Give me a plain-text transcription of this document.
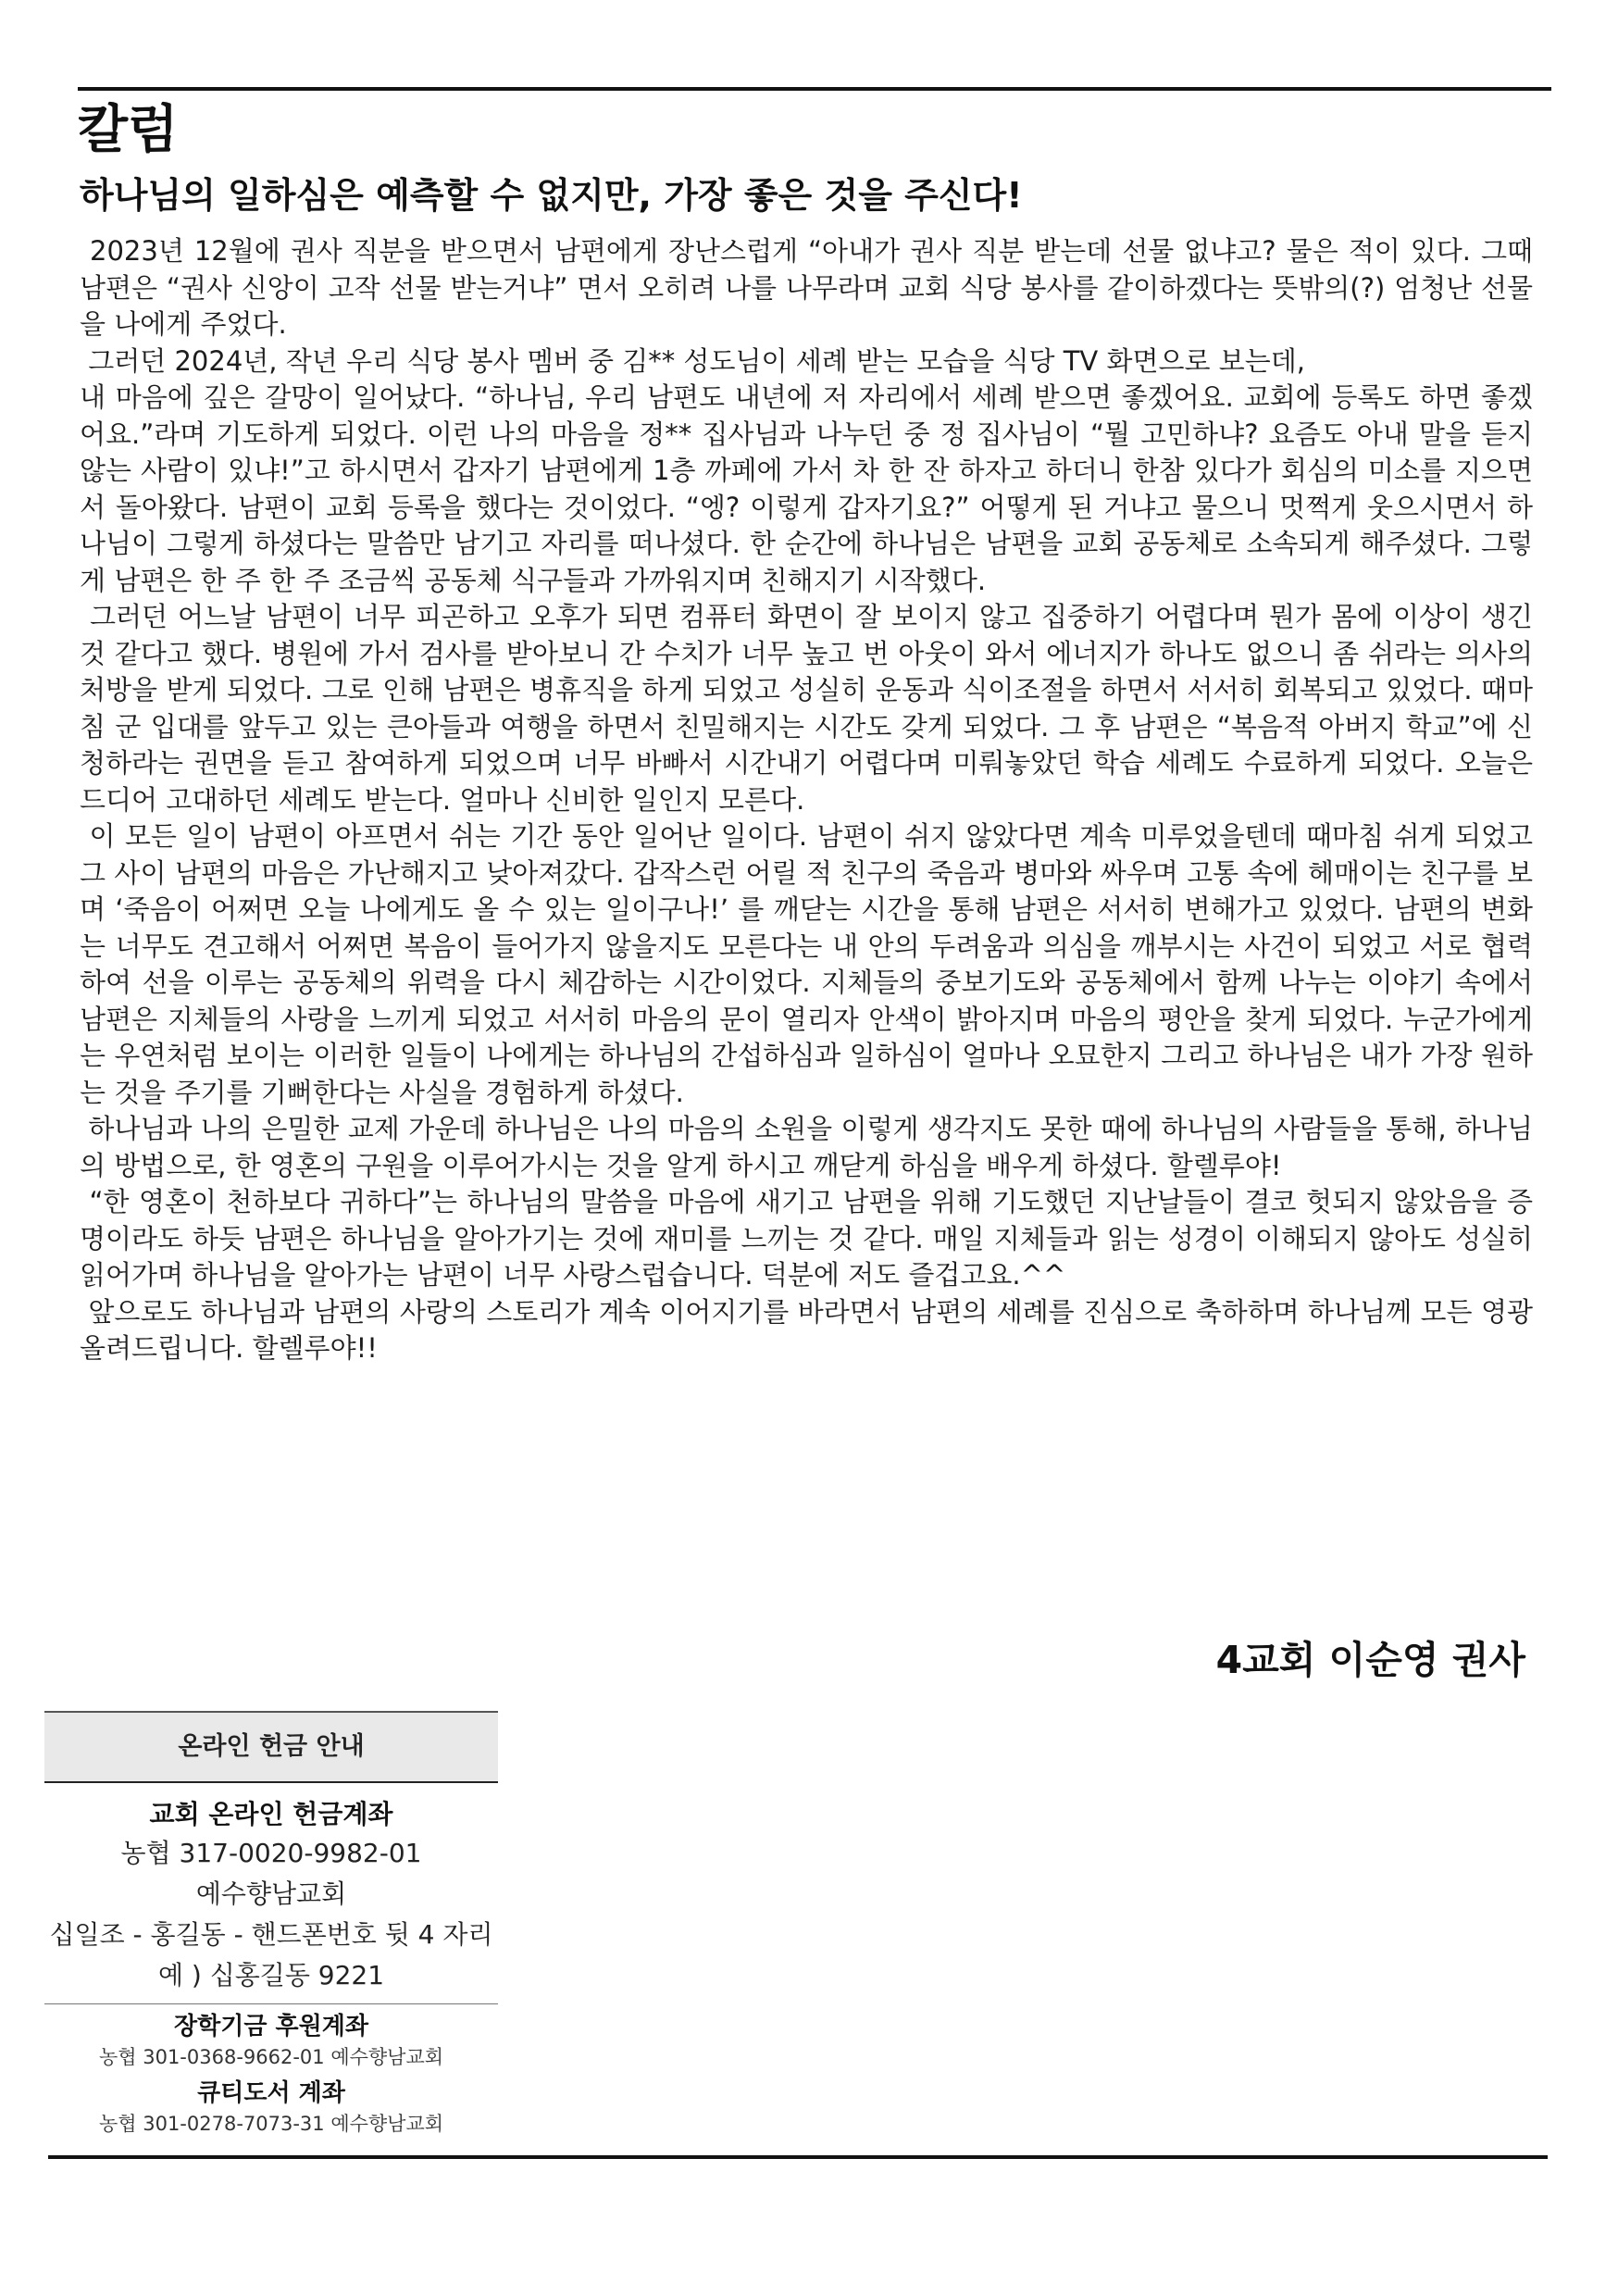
칼럼
하나님의 일하심은 예측할 수 없지만, 가장 좋은 것을 주신다!

2023년 12월에 권사 직분을 받으면서 남편에게 장난스럽게 “아내가 권사 직분 받는데 선물 없냐고? 물은 적이 있다. 그때 남편은 “권사 신앙이 고작 선물 받는거냐” 면서 오히려 나를 나무라며 교회 식당 봉사를 같이하겠다는 뜻밖의(?) 엄청난 선물을 나에게 주었다.

그러던 2024년, 작년 우리 식당 봉사 멤버 중 김** 성도님이 세례 받는 모습을 식당 TV 화면으로 보는데,
내 마음에 깊은 갈망이 일어났다. “하나님, 우리 남편도 내년에 저 자리에서 세례 받으면 좋겠어요. 교회에 등록도 하면 좋겠어요.”라며 기도하게 되었다. 이런 나의 마음을 정** 집사님과 나누던 중 정 집사님이 “뭘 고민하냐? 요즘도 아내 말을 듣지 않는 사람이 있냐!”고 하시면서 갑자기 남편에게 1층 까페에 가서 차 한 잔 하자고 하더니 한참 있다가 회심의 미소를 지으면서 돌아왔다. 남편이 교회 등록을 했다는 것이었다. “엥? 이렇게 갑자기요?” 어떻게 된 거냐고 물으니 멋쩍게 웃으시면서 하나님이 그렇게 하셨다는 말씀만 남기고 자리를 떠나셨다. 한 순간에 하나님은 남편을 교회 공동체로 소속되게 해주셨다. 그렇게 남편은 한 주 한 주 조금씩 공동체 식구들과 가까워지며 친해지기 시작했다.

그러던 어느날 남편이 너무 피곤하고 오후가 되면 컴퓨터 화면이 잘 보이지 않고 집중하기 어렵다며 뭔가 몸에 이상이 생긴 것 같다고 했다. 병원에 가서 검사를 받아보니 간 수치가 너무 높고 번 아웃이 와서 에너지가 하나도 없으니 좀 쉬라는 의사의 처방을 받게 되었다. 그로 인해 남편은 병휴직을 하게 되었고 성실히 운동과 식이조절을 하면서 서서히 회복되고 있었다. 때마침 군 입대를 앞두고 있는 큰아들과 여행을 하면서 친밀해지는 시간도 갖게 되었다. 그 후 남편은 “복음적 아버지 학교”에 신청하라는 권면을 듣고 참여하게 되었으며 너무 바빠서 시간내기 어렵다며 미뤄놓았던 학습 세례도 수료하게 되었다. 오늘은 드디어 고대하던 세례도 받는다. 얼마나 신비한 일인지 모른다.

이 모든 일이 남편이 아프면서 쉬는 기간 동안 일어난 일이다. 남편이 쉬지 않았다면 계속 미루었을텐데 때마침 쉬게 되었고 그 사이 남편의 마음은 가난해지고 낮아져갔다. 갑작스런 어릴 적 친구의 죽음과 병마와 싸우며 고통 속에 헤매이는 친구를 보며 ‘죽음이 어쩌면 오늘 나에게도 올 수 있는 일이구나!’ 를 깨닫는 시간을 통해 남편은 서서히 변해가고 있었다. 남편의 변화는 너무도 견고해서 어쩌면 복음이 들어가지 않을지도 모른다는 내 안의 두려움과 의심을 깨부시는 사건이 되었고 서로 협력하여 선을 이루는 공동체의 위력을 다시 체감하는 시간이었다. 지체들의 중보기도와 공동체에서 함께 나누는 이야기 속에서 남편은 지체들의 사랑을 느끼게 되었고 서서히 마음의 문이 열리자 안색이 밝아지며 마음의 평안을 찾게 되었다. 누군가에게는 우연처럼 보이는 이러한 일들이 나에게는 하나님의 간섭하심과 일하심이 얼마나 오묘한지 그리고 하나님은 내가 가장 원하는 것을 주기를 기뻐한다는 사실을 경험하게 하셨다.

하나님과 나의 은밀한 교제 가운데 하나님은 나의 마음의 소원을 이렇게 생각지도 못한 때에 하나님의 사람들을 통해, 하나님의 방법으로, 한 영혼의 구원을 이루어가시는 것을 알게 하시고 깨닫게 하심을 배우게 하셨다. 할렐루야!
“한 영혼이 천하보다 귀하다”는 하나님의 말씀을 마음에 새기고 남편을 위해 기도했던 지난날들이 결코 헛되지 않았음을 증명이라도 하듯 남편은 하나님을 알아가기는 것에 재미를 느끼는 것 같다. 매일 지체들과 읽는 성경이 이해되지 않아도 성실히 읽어가며 하나님을 알아가는 남편이 너무 사랑스럽습니다. 덕분에 저도 즐겁고요.^^

앞으로도 하나님과 남편의 사랑의 스토리가 계속 이어지기를 바라면서 남편의 세례를 진심으로 축하하며 하나님께 모든 영광 올려드립니다. 할렐루야!!

4교회 이순영 권사

온라인 헌금 안내
교회 온라인 헌금계좌
농협 317-0020-9982-01
예수향남교회
십일조 - 홍길동 - 핸드폰번호 뒷 4 자리
예 ) 십홍길동 9221
장학기금 후원계좌
농협 301-0368-9662-01 예수향남교회
큐티도서 계좌
농협 301-0278-7073-31 예수향남교회
